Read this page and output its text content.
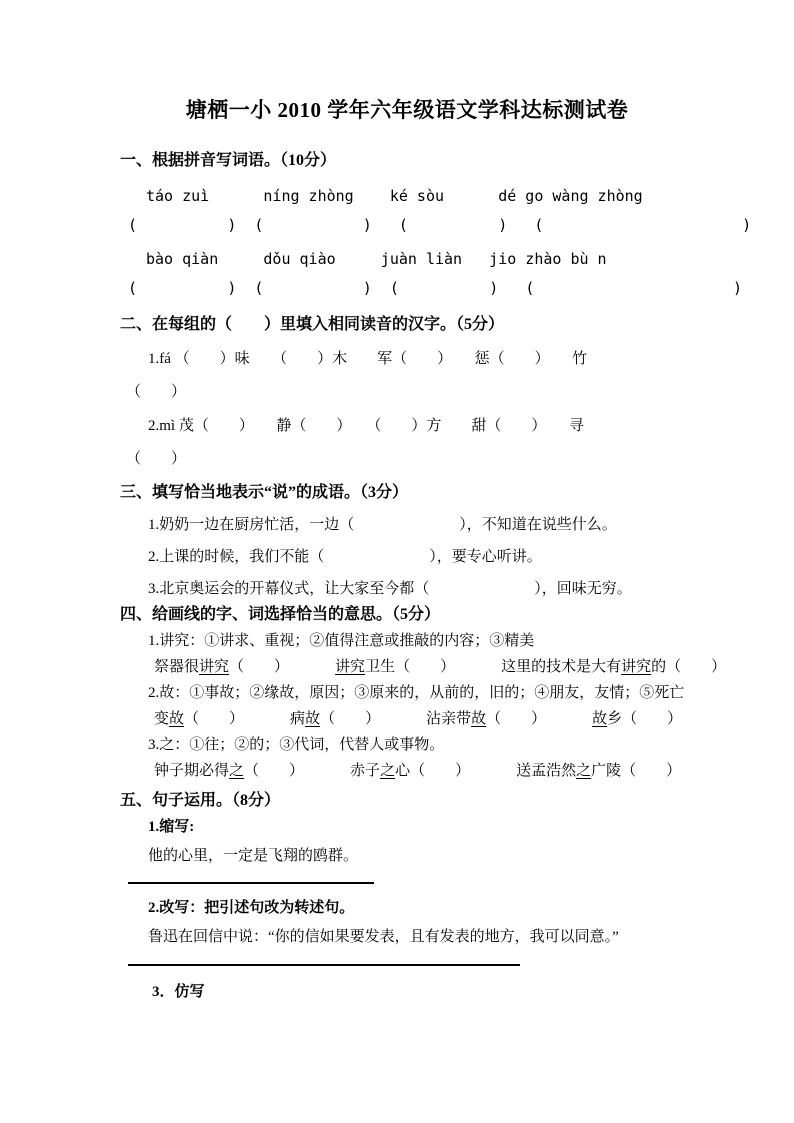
塘栖一小 2010 学年六年级语文学科达标测试卷
一、根据拼音写词语。（10分）
táo zuì      níng zhòng    ké sòu      dé go wàng zhòng
(          )  (           )   (          )   (                      )
bào qiàn     dǒu qiào     juàn liàn   jio zhào bù n
(          )  (           )  (          )   (                      )
二、在每组的（　　）里填入相同读音的汉字。（5分）
1.fá （　　）味　　（　　）木　　军（　　）　　惩（　　）　　竹
（　　）
2.mì 茂（　　）　　静（　　）　　（　　）方　　甜（　　）　　寻
（　　）
三、填写恰当地表示“说”的成语。（3分）
1.奶奶一边在厨房忙活，一边（　　　　　　　），不知道在说些什么。
2.上课的时候，我们不能（　　　　　　　），要专心听讲。
3.北京奥运会的开幕仪式，让大家至今都（　　　　　　　），回味无穷。
四、给画线的字、词选择恰当的意思。（5分）
1.讲究：①讲求、重视；②值得注意或推敲的内容；③精美
祭器很讲究（　　）	讲究卫生（　　）	这里的技术是大有讲究的（　　）
2.故：①事故；②缘故，原因；③原来的，从前的，旧的；④朋友，友情；⑤死亡
变故（　　）	病故（　　）	沾亲带故（　　）	故乡（　　）
3.之：①往；②的；③代词，代替人或事物。
钟子期必得之（　　）	赤子之心（　　）	送孟浩然之广陵（　　）
五、句子运用。（8分）
1.缩写:
他的心里，一定是飞翔的鸥群。
2.改写：把引述句改为转述句。
鲁迅在回信中说：“你的信如果要发表，且有发表的地方，我可以同意。”
3．仿写
